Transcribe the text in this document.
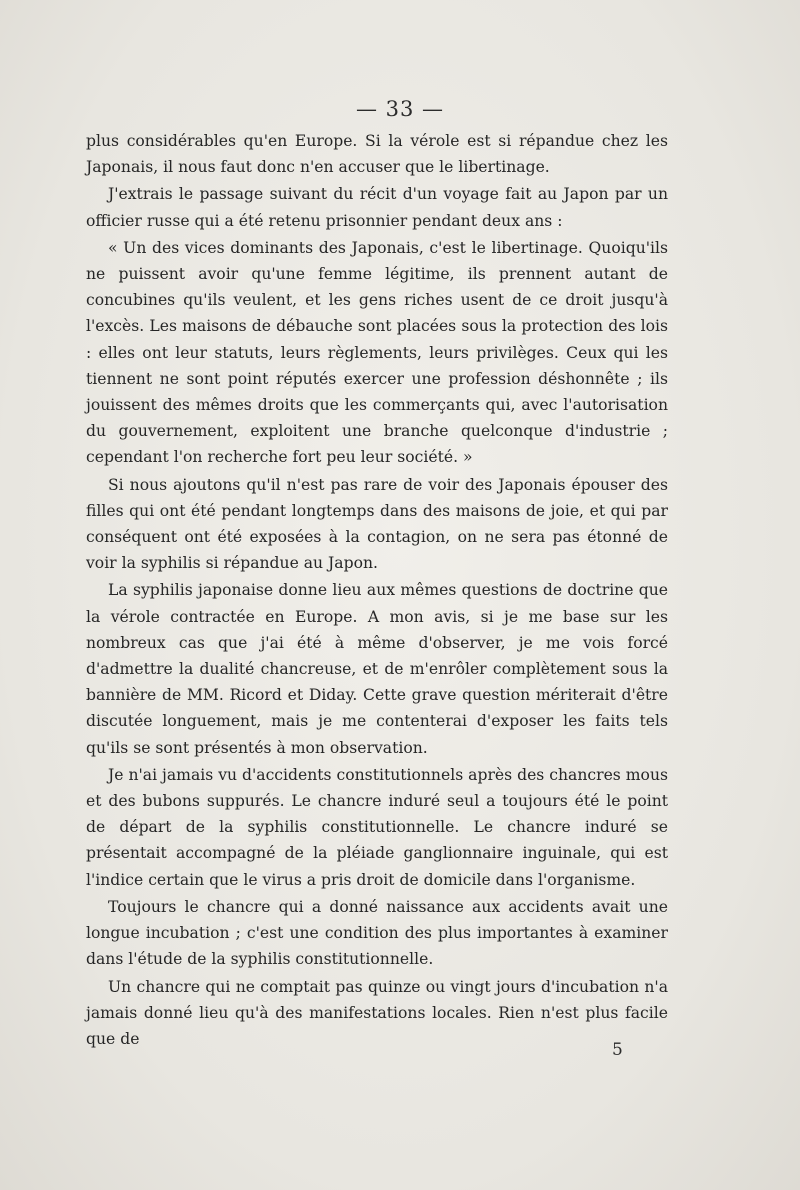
— 33 —

plus considérables qu'en Europe. Si la vérole est si répandue chez les Japonais, il nous faut donc n'en accuser que le libertinage.

J'extrais le passage suivant du récit d'un voyage fait au Japon par un officier russe qui a été retenu prisonnier pendant deux ans :

« Un des vices dominants des Japonais, c'est le libertinage. Quoiqu'ils ne puissent avoir qu'une femme légitime, ils prennent autant de concubines qu'ils veulent, et les gens riches usent de ce droit jusqu'à l'excès. Les maisons de débauche sont placées sous la protection des lois : elles ont leur statuts, leurs règlements, leurs privilèges. Ceux qui les tiennent ne sont point réputés exercer une profession déshonnête ; ils jouissent des mêmes droits que les commerçants qui, avec l'autorisation du gouvernement, exploitent une branche quelconque d'industrie ; cependant l'on recherche fort peu leur société. »

Si nous ajoutons qu'il n'est pas rare de voir des Japonais épouser des filles qui ont été pendant longtemps dans des maisons de joie, et qui par conséquent ont été exposées à la contagion, on ne sera pas étonné de voir la syphilis si répandue au Japon.

La syphilis japonaise donne lieu aux mêmes questions de doctrine que la vérole contractée en Europe. A mon avis, si je me base sur les nombreux cas que j'ai été à même d'observer, je me vois forcé d'admettre la dualité chancreuse, et de m'enrôler complètement sous la bannière de MM. Ricord et Diday. Cette grave question mériterait d'être discutée longuement, mais je me contenterai d'exposer les faits tels qu'ils se sont présentés à mon observation.

Je n'ai jamais vu d'accidents constitutionnels après des chancres mous et des bubons suppurés. Le chancre induré seul a toujours été le point de départ de la syphilis constitutionnelle. Le chancre induré se présentait accompagné de la pléiade ganglionnaire inguinale, qui est l'indice certain que le virus a pris droit de domicile dans l'organisme.

Toujours le chancre qui a donné naissance aux accidents avait une longue incubation ; c'est une condition des plus importantes à examiner dans l'étude de la syphilis constitutionnelle.

Un chancre qui ne comptait pas quinze ou vingt jours d'incubation n'a jamais donné lieu qu'à des manifestations locales. Rien n'est plus facile que de

5
